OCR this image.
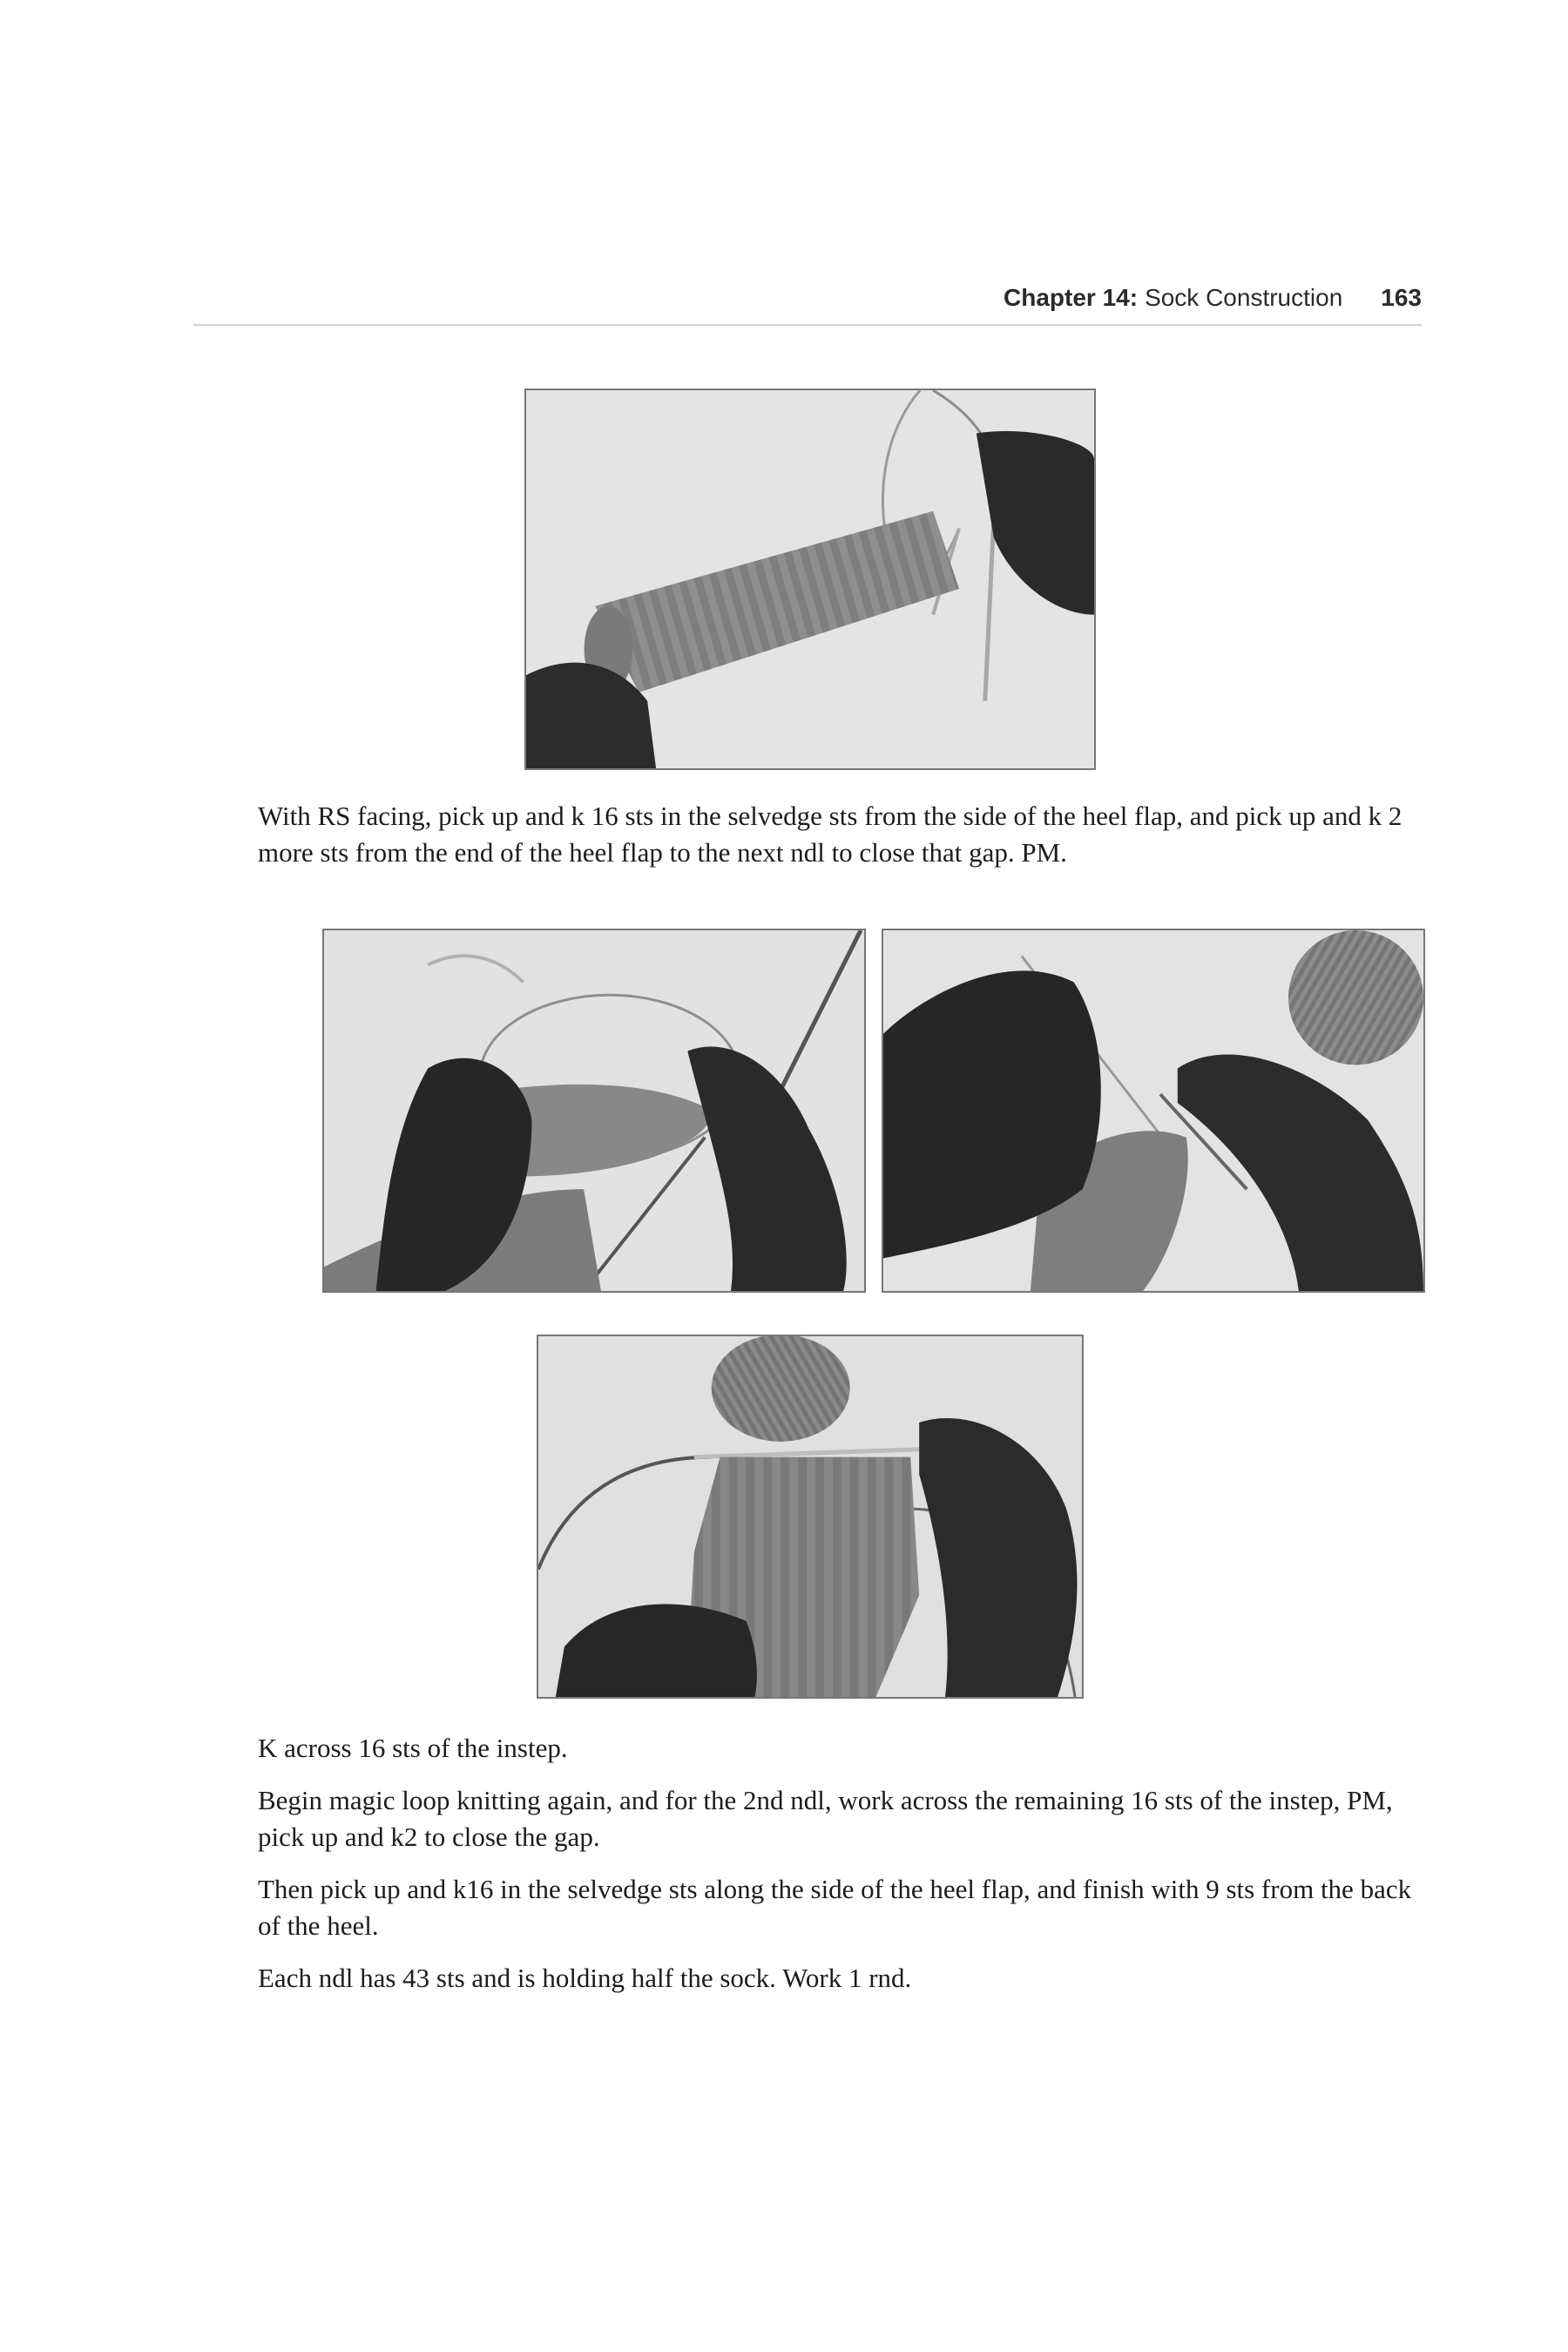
Chapter 14: Sock Construction 163

With RS facing, pick up and k 16 sts in the selvedge sts from the side of the heel flap, and pick up and k 2 more sts from the end of the heel flap to the next ndl to close that gap. PM.

K across 16 sts of the instep.

Begin magic loop knitting again, and for the 2nd ndl, work across the remaining 16 sts of the instep, PM, pick up and k2 to close the gap.

Then pick up and k16 in the selvedge sts along the side of the heel flap, and finish with 9 sts from the back of the heel.

Each ndl has 43 sts and is holding half the sock. Work 1 rnd.
